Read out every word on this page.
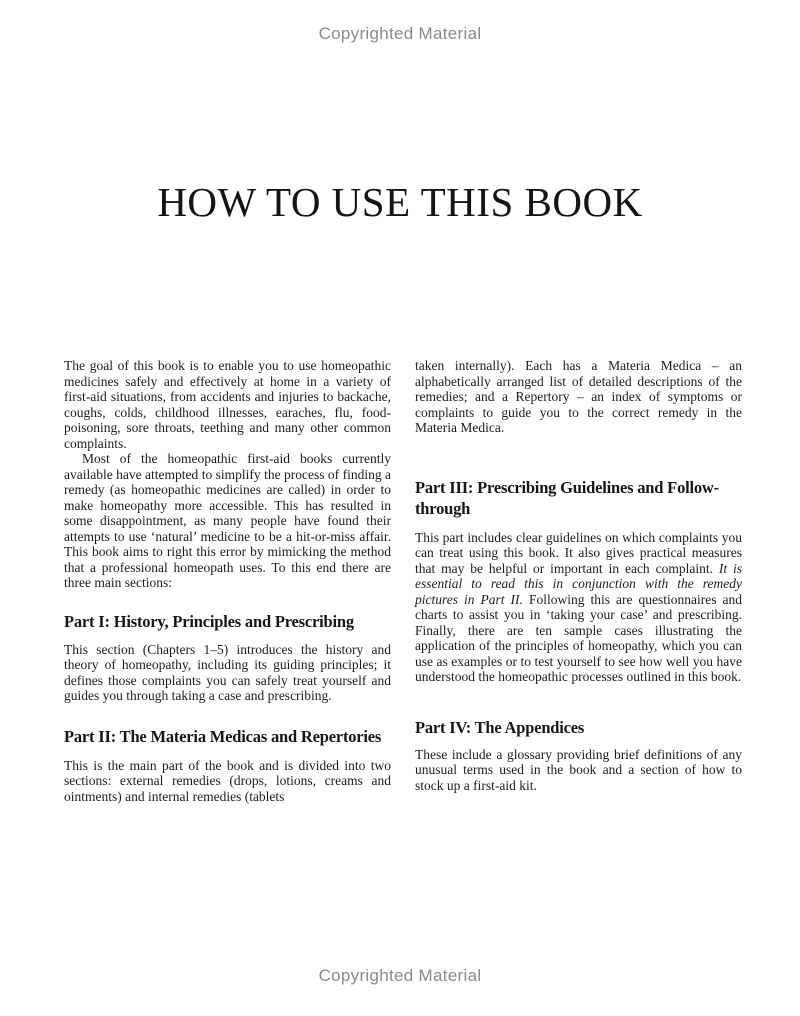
Copyrighted Material
HOW TO USE THIS BOOK

The goal of this book is to enable you to use homeopathic medicines safely and effectively at home in a variety of first-aid situations, from accidents and injuries to backache, coughs, colds, childhood illnesses, earaches, flu, food-poisoning, sore throats, teething and many other common complaints.

Most of the homeopathic first-aid books currently available have attempted to simplify the process of finding a remedy (as homeopathic medicines are called) in order to make homeopathy more accessible. This has resulted in some disappointment, as many people have found their attempts to use ‘natural’ medicine to be a hit-or-miss affair. This book aims to right this error by mimicking the method that a professional homeopath uses. To this end there are three main sections:

Part I: History, Principles and Prescribing

This section (Chapters 1–5) introduces the history and theory of homeopathy, including its guiding principles; it defines those complaints you can safely treat yourself and guides you through taking a case and prescribing.

Part II: The Materia Medicas and Repertories

This is the main part of the book and is divided into two sections: external remedies (drops, lotions, creams and ointments) and internal remedies (tablets

taken internally). Each has a Materia Medica – an alphabetically arranged list of detailed descriptions of the remedies; and a Repertory – an index of symptoms or complaints to guide you to the correct remedy in the Materia Medica.

Part III: Prescribing Guidelines and Follow-through

This part includes clear guidelines on which complaints you can treat using this book. It also gives practical measures that may be helpful or important in each complaint. It is essential to read this in conjunction with the remedy pictures in Part II. Following this are questionnaires and charts to assist you in ‘taking your case’ and prescribing. Finally, there are ten sample cases illustrating the application of the principles of homeopathy, which you can use as examples or to test yourself to see how well you have understood the homeopathic processes outlined in this book.

Part IV: The Appendices

These include a glossary providing brief definitions of any unusual terms used in the book and a section of how to stock up a first-aid kit.

Copyrighted Material
